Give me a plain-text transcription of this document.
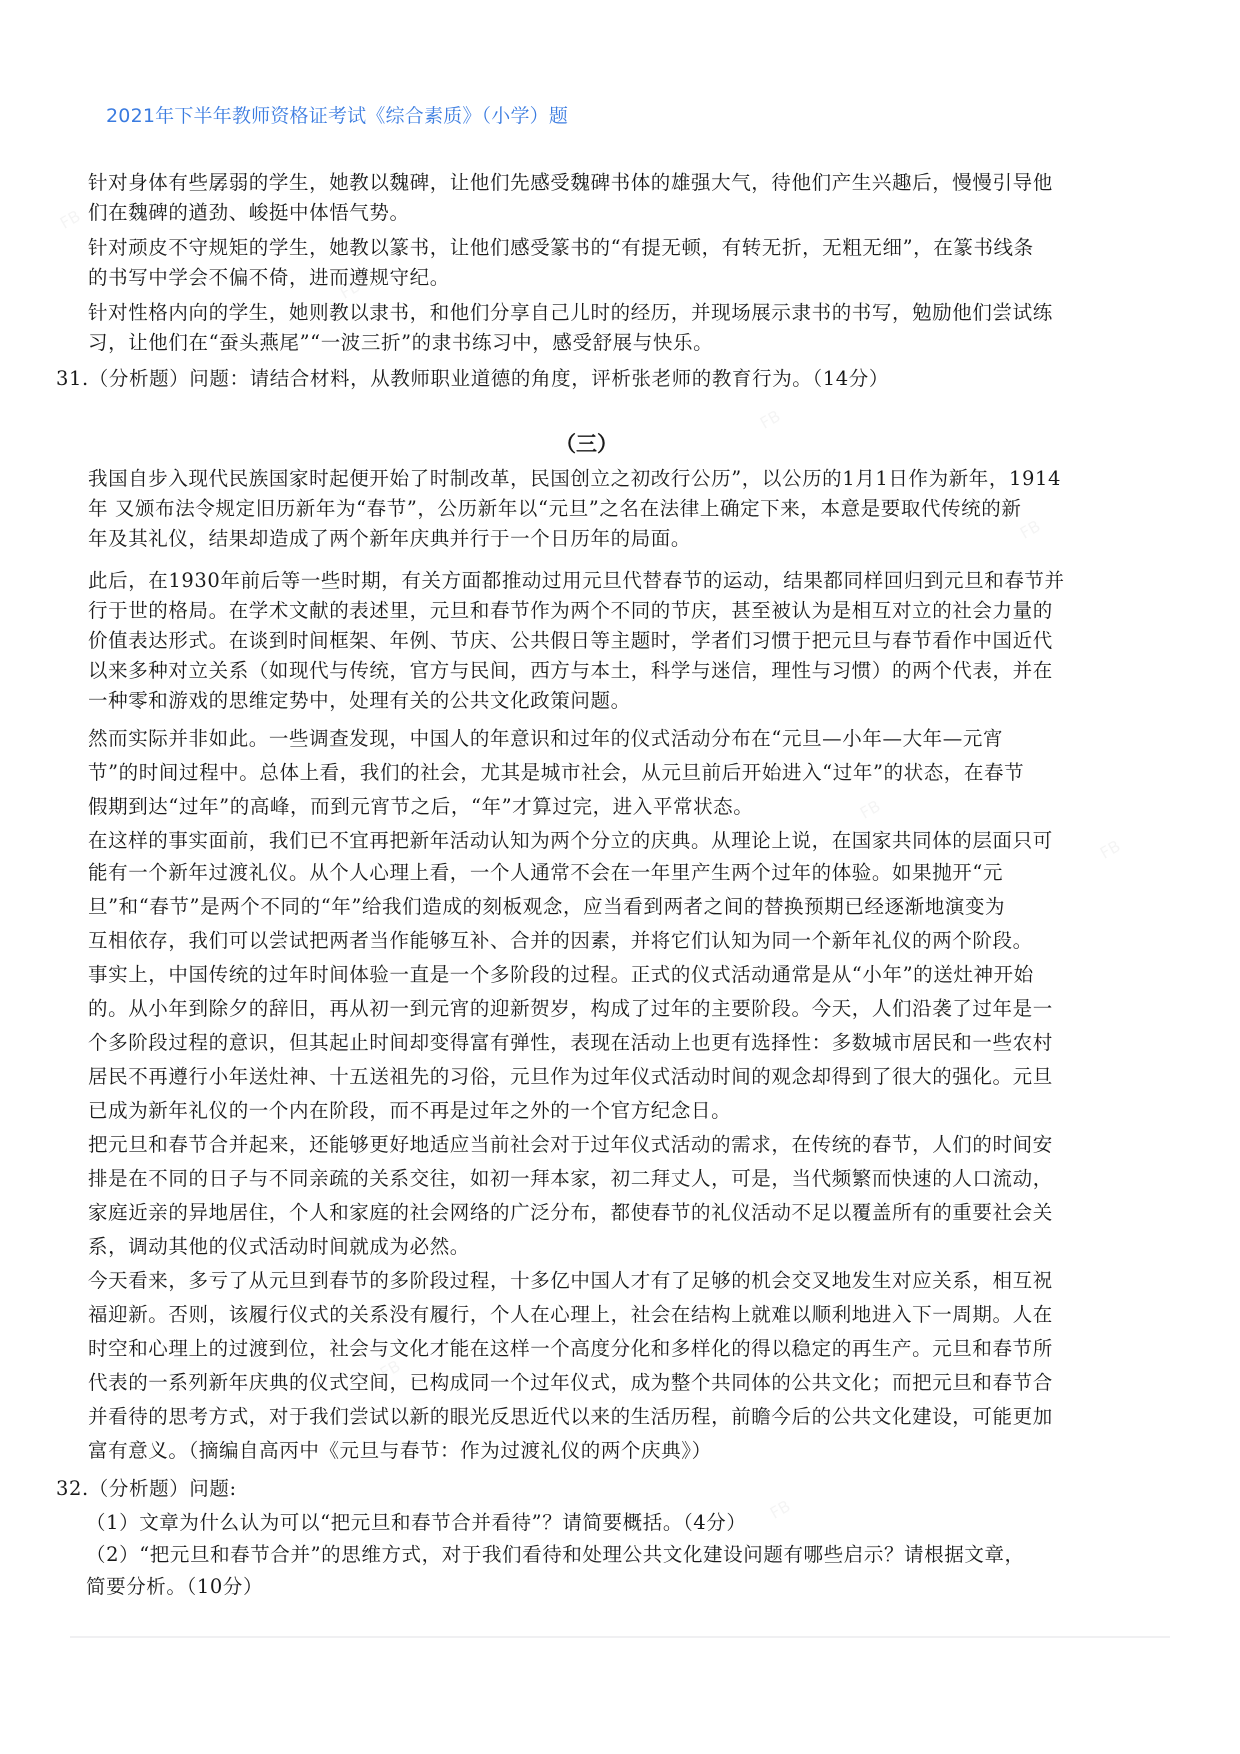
2021年下半年教师资格证考试《综合素质》（小学）题
针对身体有些孱弱的学生，她教以魏碑，让他们先感受魏碑书体的雄强大气，待他们产生兴趣后，慢慢引导他
们在魏碑的遒劲、峻挺中体悟气势。
针对顽皮不守规矩的学生，她教以篆书，让他们感受篆书的“有提无顿，有转无折，无粗无细”，在篆书线条
的书写中学会不偏不倚，进而遵规守纪。
针对性格内向的学生，她则教以隶书，和他们分享自己儿时的经历，并现场展示隶书的书写，勉励他们尝试练
习，让他们在“蚕头燕尾”“一波三折”的隶书练习中，感受舒展与快乐。
31.（分析题）问题：请结合材料，从教师职业道德的角度，评析张老师的教育行为。（14分）
（三）
我国自步入现代民族国家时起便开始了时制改革，民国创立之初改行公历”，以公历的1月1日作为新年，1914
年 又颁布法令规定旧历新年为“春节”，公历新年以“元旦”之名在法律上确定下来，本意是要取代传统的新
年及其礼仪，结果却造成了两个新年庆典并行于一个日历年的局面。
此后，在1930年前后等一些时期，有关方面都推动过用元旦代替春节的运动，结果都同样回归到元旦和春节并
行于世的格局。在学术文献的表述里，元旦和春节作为两个不同的节庆，甚至被认为是相互对立的社会力量的
价值表达形式。在谈到时间框架、年例、节庆、公共假日等主题时，学者们习惯于把元旦与春节看作中国近代
以来多种对立关系（如现代与传统，官方与民间，西方与本土，科学与迷信，理性与习惯）的两个代表，并在
一种零和游戏的思维定势中，处理有关的公共文化政策问题。
然而实际并非如此。一些调查发现，中国人的年意识和过年的仪式活动分布在“元旦—小年—大年—元宵
节”的时间过程中。总体上看，我们的社会，尤其是城市社会，从元旦前后开始进入“过年”的状态，在春节
假期到达“过年”的高峰，而到元宵节之后，“年”才算过完，进入平常状态。
在这样的事实面前，我们已不宜再把新年活动认知为两个分立的庆典。从理论上说，在国家共同体的层面只可
能有一个新年过渡礼仪。从个人心理上看，一个人通常不会在一年里产生两个过年的体验。如果抛开“元
旦”和“春节”是两个不同的“年”给我们造成的刻板观念，应当看到两者之间的替换预期已经逐渐地演变为
互相依存，我们可以尝试把两者当作能够互补、合并的因素，并将它们认知为同一个新年礼仪的两个阶段。
事实上，中国传统的过年时间体验一直是一个多阶段的过程。正式的仪式活动通常是从“小年”的送灶神开始
的。从小年到除夕的辞旧，再从初一到元宵的迎新贺岁，构成了过年的主要阶段。今天，人们沿袭了过年是一
个多阶段过程的意识，但其起止时间却变得富有弹性，表现在活动上也更有选择性：多数城市居民和一些农村
居民不再遵行小年送灶神、十五送祖先的习俗，元旦作为过年仪式活动时间的观念却得到了很大的强化。元旦
已成为新年礼仪的一个内在阶段，而不再是过年之外的一个官方纪念日。
把元旦和春节合并起来，还能够更好地适应当前社会对于过年仪式活动的需求，在传统的春节，人们的时间安
排是在不同的日子与不同亲疏的关系交往，如初一拜本家，初二拜丈人，可是，当代频繁而快速的人口流动，
家庭近亲的异地居住，个人和家庭的社会网络的广泛分布，都使春节的礼仪活动不足以覆盖所有的重要社会关
系，调动其他的仪式活动时间就成为必然。
今天看来，多亏了从元旦到春节的多阶段过程，十多亿中国人才有了足够的机会交叉地发生对应关系，相互祝
福迎新。否则，该履行仪式的关系没有履行，个人在心理上，社会在结构上就难以顺利地进入下一周期。人在
时空和心理上的过渡到位，社会与文化才能在这样一个高度分化和多样化的得以稳定的再生产。元旦和春节所
代表的一系列新年庆典的仪式空间，已构成同一个过年仪式，成为整个共同体的公共文化；而把元旦和春节合
并看待的思考方式，对于我们尝试以新的眼光反思近代以来的生活历程，前瞻今后的公共文化建设，可能更加
富有意义。（摘编自高丙中《元旦与春节：作为过渡礼仪的两个庆典》）
32.（分析题）问题:
（1）文章为什么认为可以“把元旦和春节合并看待”？请简要概括。（4分）
（2）“把元旦和春节合并”的思维方式，对于我们看待和处理公共文化建设问题有哪些启示？请根据文章，
简要分析。（10分）
